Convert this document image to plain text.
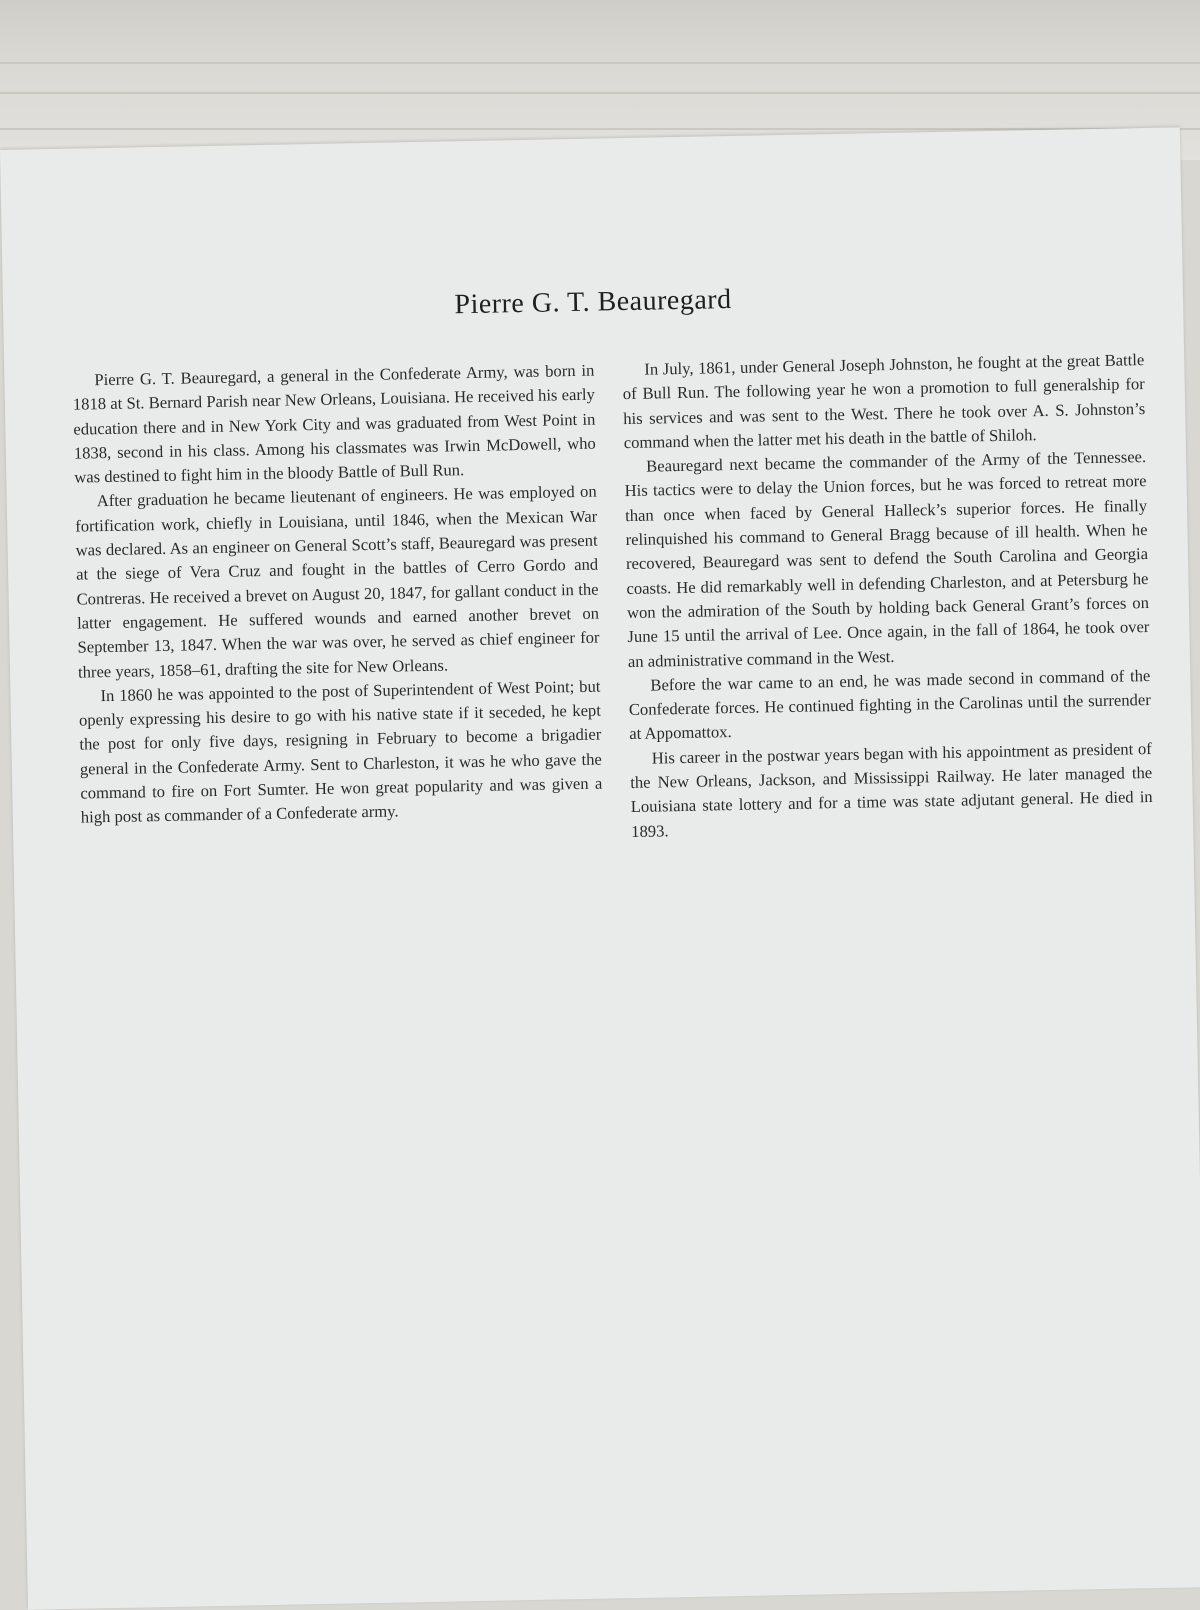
Pierre G. T. Beauregard

Pierre G. T. Beauregard, a general in the Confederate Army, was born in 1818 at St. Bernard Parish near New Orleans, Louisiana. He received his early education there and in New York City and was graduated from West Point in 1838, second in his class. Among his classmates was Irwin McDowell, who was destined to fight him in the bloody Battle of Bull Run.

After graduation he became lieutenant of engineers. He was employed on fortification work, chiefly in Louisiana, until 1846, when the Mexican War was declared. As an engineer on General Scott’s staff, Beauregard was present at the siege of Vera Cruz and fought in the battles of Cerro Gordo and Contreras. He received a brevet on August 20, 1847, for gallant conduct in the latter engagement. He suffered wounds and earned another brevet on September 13, 1847. When the war was over, he served as chief engineer for three years, 1858–61, drafting the site for New Orleans.

In 1860 he was appointed to the post of Superintendent of West Point; but openly expressing his desire to go with his native state if it seceded, he kept the post for only five days, resigning in February to become a brigadier general in the Confederate Army. Sent to Charleston, it was he who gave the command to fire on Fort Sumter. He won great popularity and was given a high post as commander of a Confederate army.

In July, 1861, under General Joseph Johnston, he fought at the great Battle of Bull Run. The following year he won a promotion to full generalship for his services and was sent to the West. There he took over A. S. Johnston’s command when the latter met his death in the battle of Shiloh.

Beauregard next became the commander of the Army of the Tennessee. His tactics were to delay the Union forces, but he was forced to retreat more than once when faced by General Halleck’s superior forces. He finally relinquished his command to General Bragg because of ill health. When he recovered, Beauregard was sent to defend the South Carolina and Georgia coasts. He did remarkably well in defending Charleston, and at Petersburg he won the admiration of the South by holding back General Grant’s forces on June 15 until the arrival of Lee. Once again, in the fall of 1864, he took over an administrative command in the West.

Before the war came to an end, he was made second in command of the Confederate forces. He continued fighting in the Carolinas until the surrender at Appomattox.

His career in the postwar years began with his appointment as president of the New Orleans, Jackson, and Mississippi Railway. He later managed the Louisiana state lottery and for a time was state adjutant general. He died in 1893.
